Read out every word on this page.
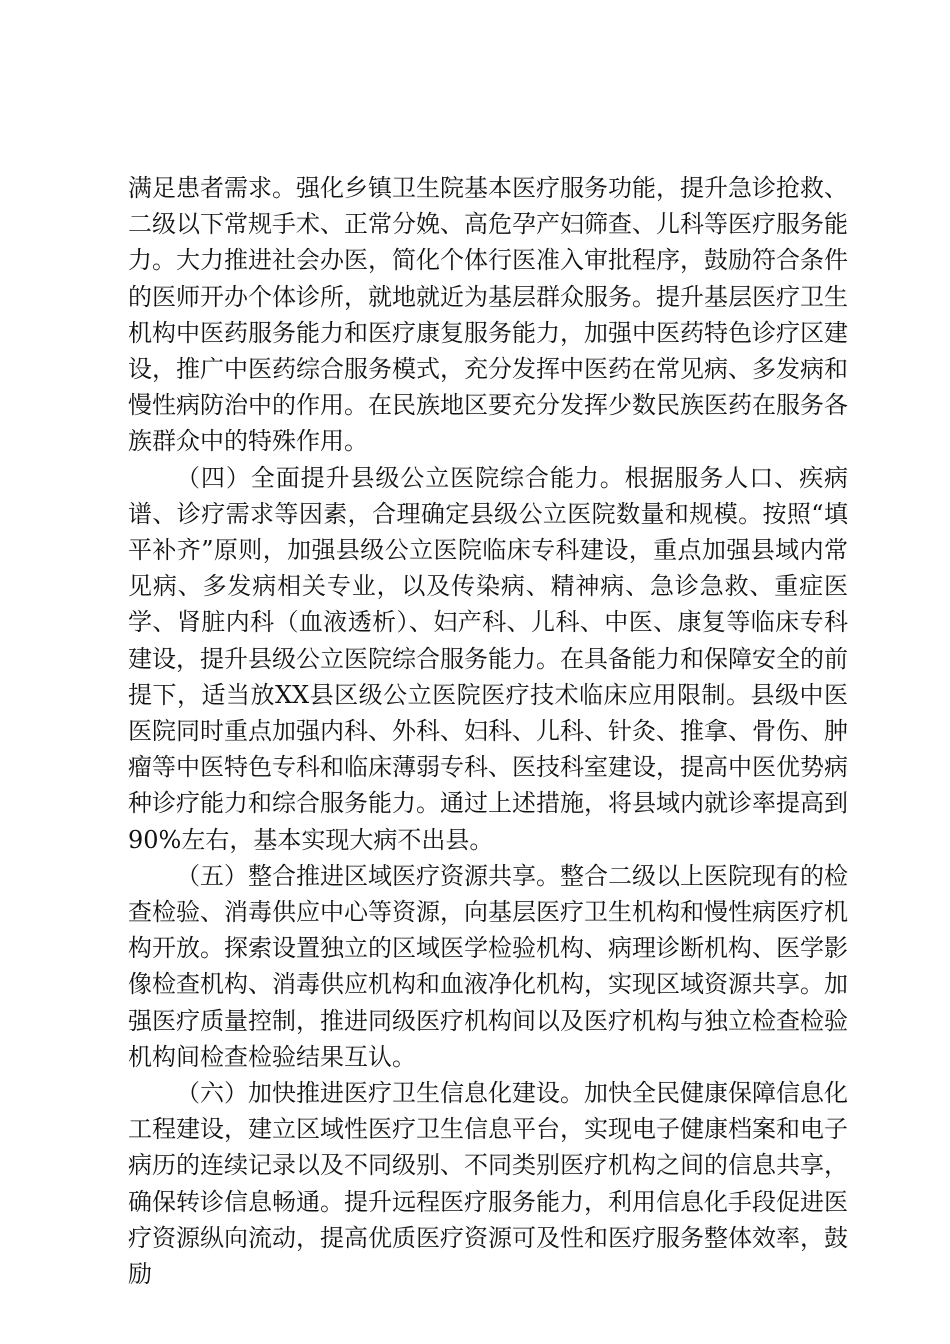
满足患者需求。强化乡镇卫生院基本医疗服务功能，提升急诊抢救、二级以下常规手术、正常分娩、高危孕产妇筛查、儿科等医疗服务能力。大力推进社会办医，简化个体行医准入审批程序，鼓励符合条件的医师开办个体诊所，就地就近为基层群众服务。提升基层医疗卫生机构中医药服务能力和医疗康复服务能力，加强中医药特色诊疗区建设，推广中医药综合服务模式，充分发挥中医药在常见病、多发病和慢性病防治中的作用。在民族地区要充分发挥少数民族医药在服务各族群众中的特殊作用。

（四）全面提升县级公立医院综合能力。根据服务人口、疾病谱、诊疗需求等因素，合理确定县级公立医院数量和规模。按照“填平补齐”原则，加强县级公立医院临床专科建设，重点加强县域内常见病、多发病相关专业，以及传染病、精神病、急诊急救、重症医学、肾脏内科（血液透析）、妇产科、儿科、中医、康复等临床专科建设，提升县级公立医院综合服务能力。在具备能力和保障安全的前提下，适当放XX县区级公立医院医疗技术临床应用限制。县级中医医院同时重点加强内科、外科、妇科、儿科、针灸、推拿、骨伤、肿瘤等中医特色专科和临床薄弱专科、医技科室建设，提高中医优势病种诊疗能力和综合服务能力。通过上述措施，将县域内就诊率提高到90%左右，基本实现大病不出县。

（五）整合推进区域医疗资源共享。整合二级以上医院现有的检查检验、消毒供应中心等资源，向基层医疗卫生机构和慢性病医疗机构开放。探索设置独立的区域医学检验机构、病理诊断机构、医学影像检查机构、消毒供应机构和血液净化机构，实现区域资源共享。加强医疗质量控制，推进同级医疗机构间以及医疗机构与独立检查检验机构间检查检验结果互认。

（六）加快推进医疗卫生信息化建设。加快全民健康保障信息化工程建设，建立区域性医疗卫生信息平台，实现电子健康档案和电子病历的连续记录以及不同级别、不同类别医疗机构之间的信息共享，确保转诊信息畅通。提升远程医疗服务能力，利用信息化手段促进医疗资源纵向流动，提高优质医疗资源可及性和医疗服务整体效率，鼓励
